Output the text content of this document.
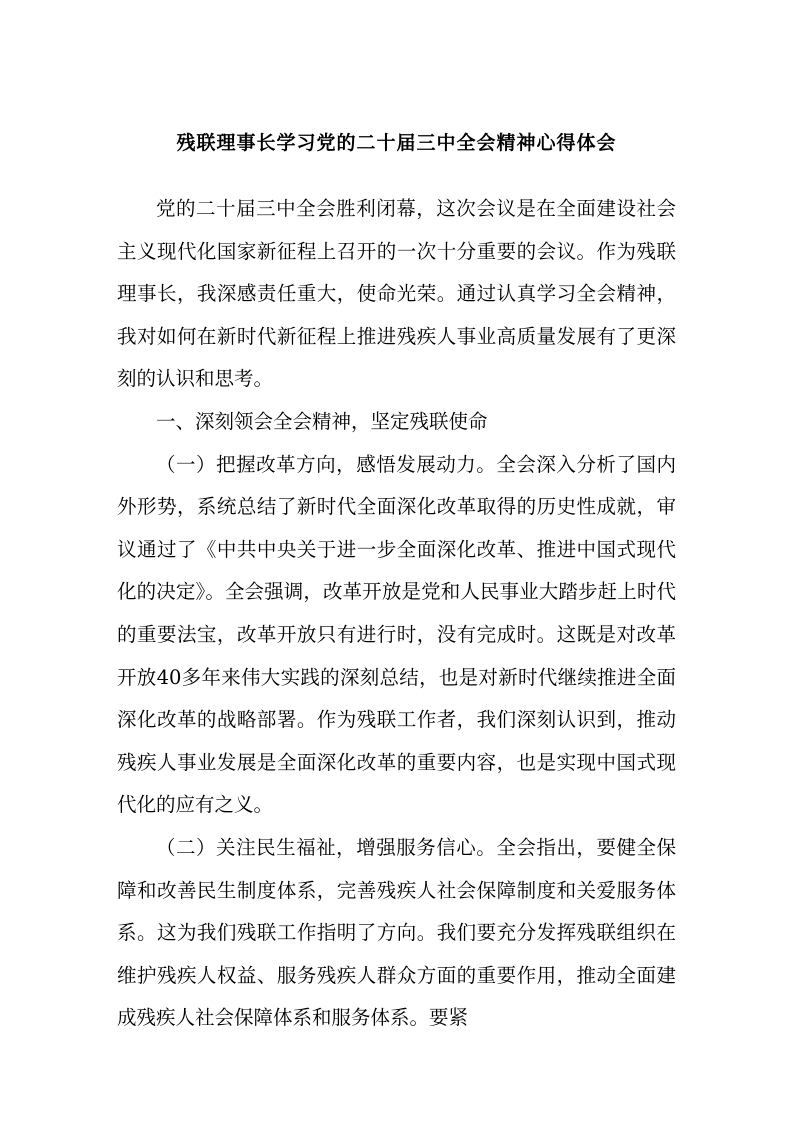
残联理事长学习党的二十届三中全会精神心得体会

党的二十届三中全会胜利闭幕，这次会议是在全面建设社会主义现代化国家新征程上召开的一次十分重要的会议。作为残联理事长，我深感责任重大，使命光荣。通过认真学习全会精神，我对如何在新时代新征程上推进残疾人事业高质量发展有了更深刻的认识和思考。

一、深刻领会全会精神，坚定残联使命

（一）把握改革方向，感悟发展动力。全会深入分析了国内外形势，系统总结了新时代全面深化改革取得的历史性成就，审议通过了《中共中央关于进一步全面深化改革、推进中国式现代化的决定》。全会强调，改革开放是党和人民事业大踏步赶上时代的重要法宝，改革开放只有进行时，没有完成时。这既是对改革开放40多年来伟大实践的深刻总结，也是对新时代继续推进全面深化改革的战略部署。作为残联工作者，我们深刻认识到，推动残疾人事业发展是全面深化改革的重要内容，也是实现中国式现代化的应有之义。

（二）关注民生福祉，增强服务信心。全会指出，要健全保障和改善民生制度体系，完善残疾人社会保障制度和关爱服务体系。这为我们残联工作指明了方向。我们要充分发挥残联组织在维护残疾人权益、服务残疾人群众方面的重要作用，推动全面建成残疾人社会保障体系和服务体系。要紧
